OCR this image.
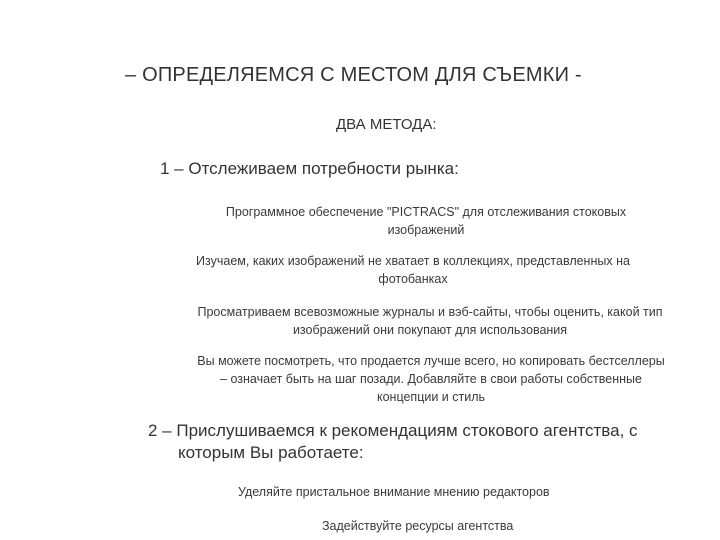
– ОПРЕДЕЛЯЕМСЯ С МЕСТОМ ДЛЯ СЪЕМКИ -
ДВА МЕТОДА:
1 – Отслеживаем потребности рынка:
Программное обеспечение "PICTRACS" для отслеживания стоковых
изображений
Изучаем, каких изображений не хватает в коллекциях, представленных на
фотобанках
Просматриваем всевозможные журналы и вэб-сайты, чтобы оценить, какой тип
изображений они покупают для использования
Вы можете посмотреть, что продается лучше всего, но копировать бестселлеры
– означает быть на шаг позади. Добавляйте в свои работы собственные
концепции и стиль
2 – Прислушиваемся к рекомендациям стокового агентства, с
которым Вы работаете:
Уделяйте пристальное внимание мнению редакторов
Задействуйте ресурсы агентства
